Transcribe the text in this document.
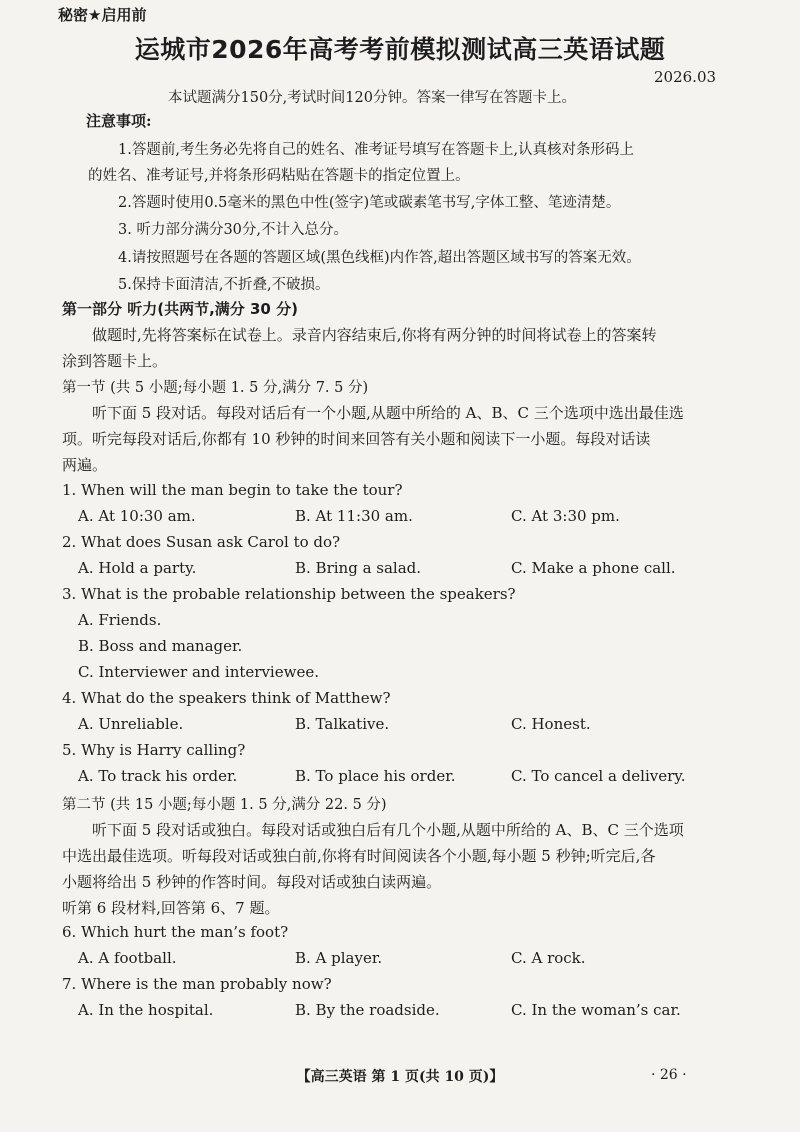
秘密★启用前
运城市2026年高考考前模拟测试高三英语试题
2026.03
本试题满分150分,考试时间120分钟。答案一律写在答题卡上。
注意事项:
1.答题前,考生务必先将自己的姓名、准考证号填写在答题卡上,认真核对条形码上
的姓名、准考证号,并将条形码粘贴在答题卡的指定位置上。
2.答题时使用0.5毫米的黑色中性(签字)笔或碳素笔书写,字体工整、笔迹清楚。
3. 听力部分满分30分,不计入总分。
4.请按照题号在各题的答题区域(黑色线框)内作答,超出答题区域书写的答案无效。
5.保持卡面清洁,不折叠,不破损。
第一部分 听力(共两节,满分 30 分)
做题时,先将答案标在试卷上。录音内容结束后,你将有两分钟的时间将试卷上的答案转
涂到答题卡上。
第一节 (共 5 小题;每小题 1. 5 分,满分 7. 5 分)
听下面 5 段对话。每段对话后有一个小题,从题中所给的 A、B、C 三个选项中选出最佳选
项。听完每段对话后,你都有 10 秒钟的时间来回答有关小题和阅读下一小题。每段对话读
两遍。
1. When will the man begin to take the tour?
A. At 10:30 am.	B. At 11:30 am.	C. At 3:30 pm.
2. What does Susan ask Carol to do?
A. Hold a party.	B. Bring a salad.	C. Make a phone call.
3. What is the probable relationship between the speakers?
A. Friends.
B. Boss and manager.
C. Interviewer and interviewee.
4. What do the speakers think of Matthew?
A. Unreliable.	B. Talkative.	C. Honest.
5. Why is Harry calling?
A. To track his order.	B. To place his order.	C. To cancel a delivery.
第二节 (共 15 小题;每小题 1. 5 分,满分 22. 5 分)
听下面 5 段对话或独白。每段对话或独白后有几个小题,从题中所给的 A、B、C 三个选项
中选出最佳选项。听每段对话或独白前,你将有时间阅读各个小题,每小题 5 秒钟;听完后,各
小题将给出 5 秒钟的作答时间。每段对话或独白读两遍。
听第 6 段材料,回答第 6、7 题。
6. Which hurt the man’s foot?
A. A football.	B. A player.	C. A rock.
7. Where is the man probably now?
A. In the hospital.	B. By the roadside.	C. In the woman’s car.
【高三英语 第 1 页(共 10 页)】	· 26 ·
